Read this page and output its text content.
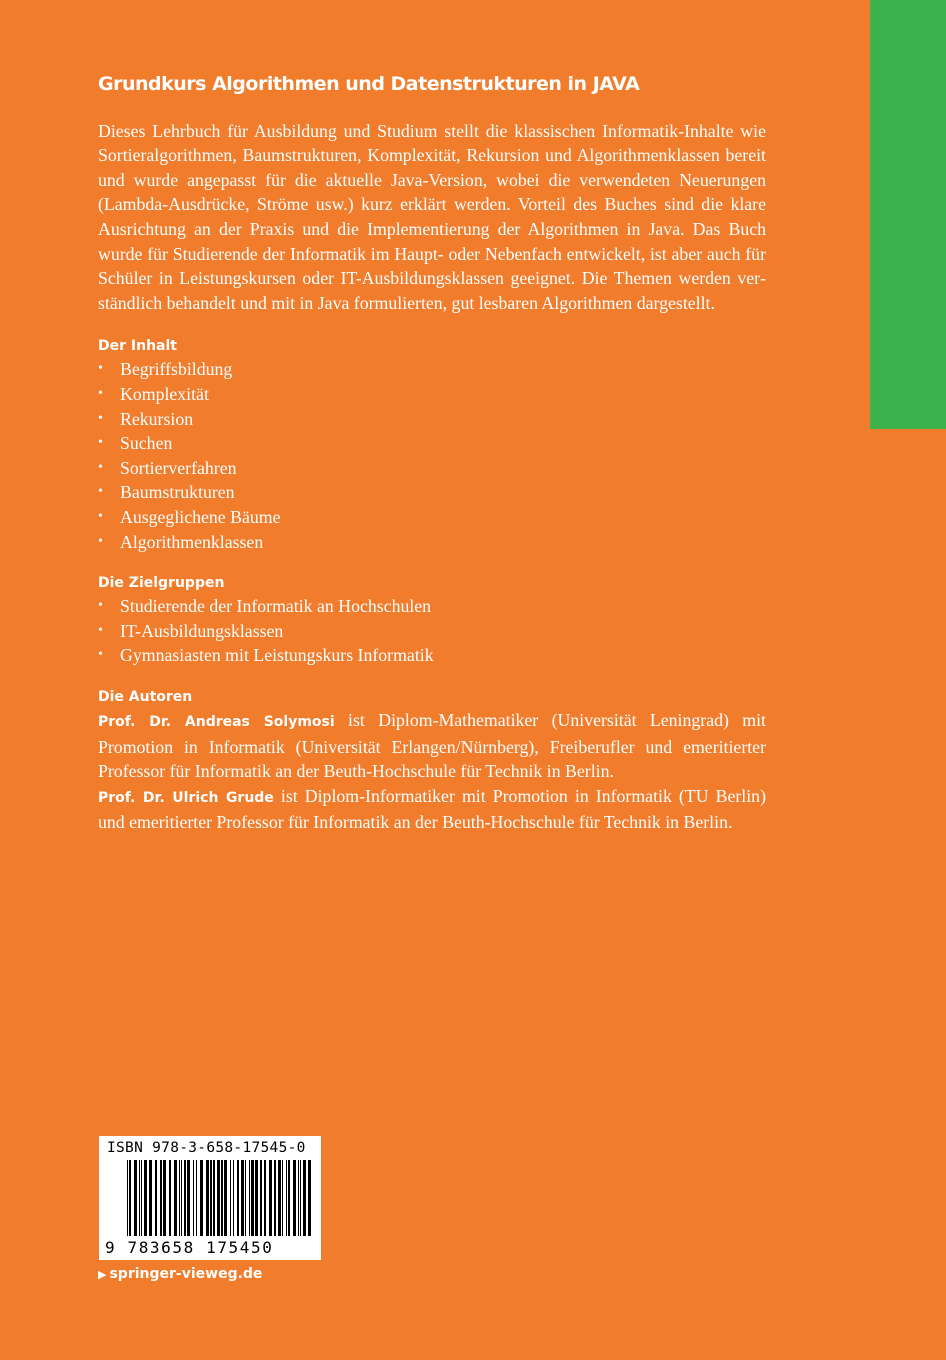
Grundkurs Algorithmen und Datenstrukturen in JAVA

Dieses Lehrbuch für Ausbildung und Studium stellt die klassischen Informatik-Inhalte wie Sortieralgorithmen, Baumstrukturen, Komplexität, Rekursion und Algorithmenklassen bereit und wurde angepasst für die aktuelle Java-Version, wobei die verwendeten Neuerungen (Lambda-Ausdrücke, Ströme usw.) kurz erklärt werden. Vorteil des Buches sind die klare Ausrichtung an der Praxis und die Implementierung der Algorithmen in Java. Das Buch wurde für Studierende der Informatik im Haupt- oder Nebenfach entwickelt, ist aber auch für Schüler in Leistungskursen oder IT-Ausbildungsklassen geeignet. Die Themen werden verständlich behandelt und mit in Java formulierten, gut lesbaren Algorithmen dargestellt.

Der Inhalt
• Begriffsbildung
• Komplexität
• Rekursion
• Suchen
• Sortierverfahren
• Baumstrukturen
• Ausgeglichene Bäume
• Algorithmenklassen
Die Zielgruppen
• Studierende der Informatik an Hochschulen
• IT-Ausbildungsklassen
• Gymnasiasten mit Leistungskurs Informatik
Die Autoren

Prof. Dr. Andreas Solymosi ist Diplom-Mathematiker (Universität Leningrad) mit Promotion in Informatik (Universität Erlangen/Nürnberg), Freiberufler und emeritierter Professor für Informatik an der Beuth-Hochschule für Technik in Berlin.

Prof. Dr. Ulrich Grude ist Diplom-Informatiker mit Promotion in Informatik (TU Berlin) und emeritierter Professor für Informatik an der Beuth-Hochschule für Technik in Berlin.

ISBN 978-3-658-17545-0
9 783658 175450
▶ springer-vieweg.de
